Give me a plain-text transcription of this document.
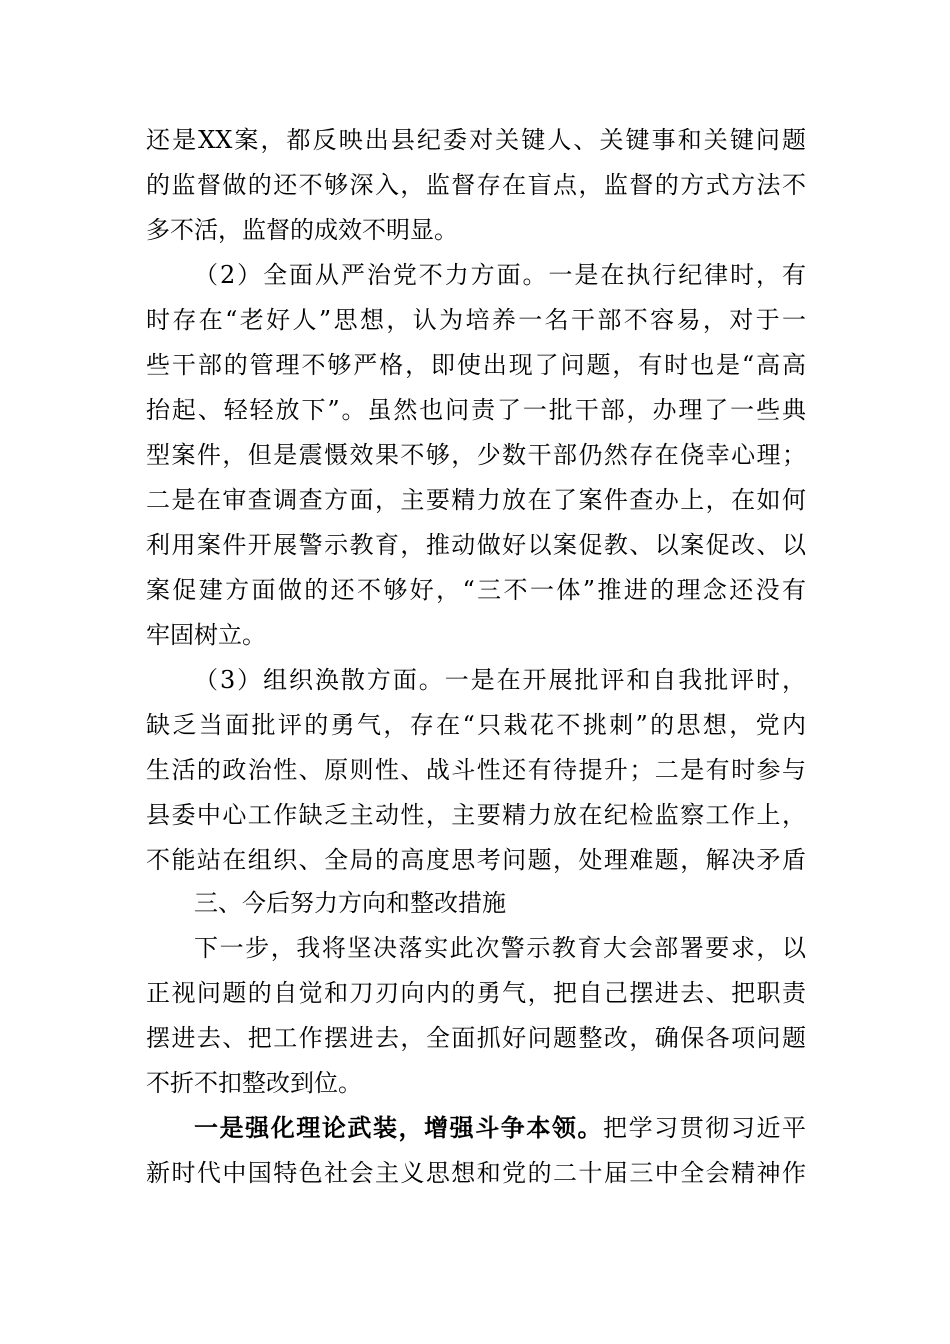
还是XX案，都反映出县纪委对关键人、关键事和关键问题
的监督做的还不够深入，监督存在盲点，监督的方式方法不
多不活，监督的成效不明显。
（2）全面从严治党不力方面。一是在执行纪律时，有
时存在“老好人”思想，认为培养一名干部不容易，对于一
些干部的管理不够严格，即使出现了问题，有时也是“高高
抬起、轻轻放下”。虽然也问责了一批干部，办理了一些典
型案件，但是震慑效果不够，少数干部仍然存在侥幸心理；
二是在审查调查方面，主要精力放在了案件查办上，在如何
利用案件开展警示教育，推动做好以案促教、以案促改、以
案促建方面做的还不够好，“三不一体”推进的理念还没有
牢固树立。
（3）组织涣散方面。一是在开展批评和自我批评时，
缺乏当面批评的勇气，存在“只栽花不挑刺”的思想，党内
生活的政治性、原则性、战斗性还有待提升；二是有时参与
县委中心工作缺乏主动性，主要精力放在纪检监察工作上，
不能站在组织、全局的高度思考问题，处理难题，解决矛盾
三、今后努力方向和整改措施
下一步，我将坚决落实此次警示教育大会部署要求，以
正视问题的自觉和刀刃向内的勇气，把自己摆进去、把职责
摆进去、把工作摆进去，全面抓好问题整改，确保各项问题
不折不扣整改到位。
一是强化理论武装，增强斗争本领。把学习贯彻习近平
新时代中国特色社会主义思想和党的二十届三中全会精神作
